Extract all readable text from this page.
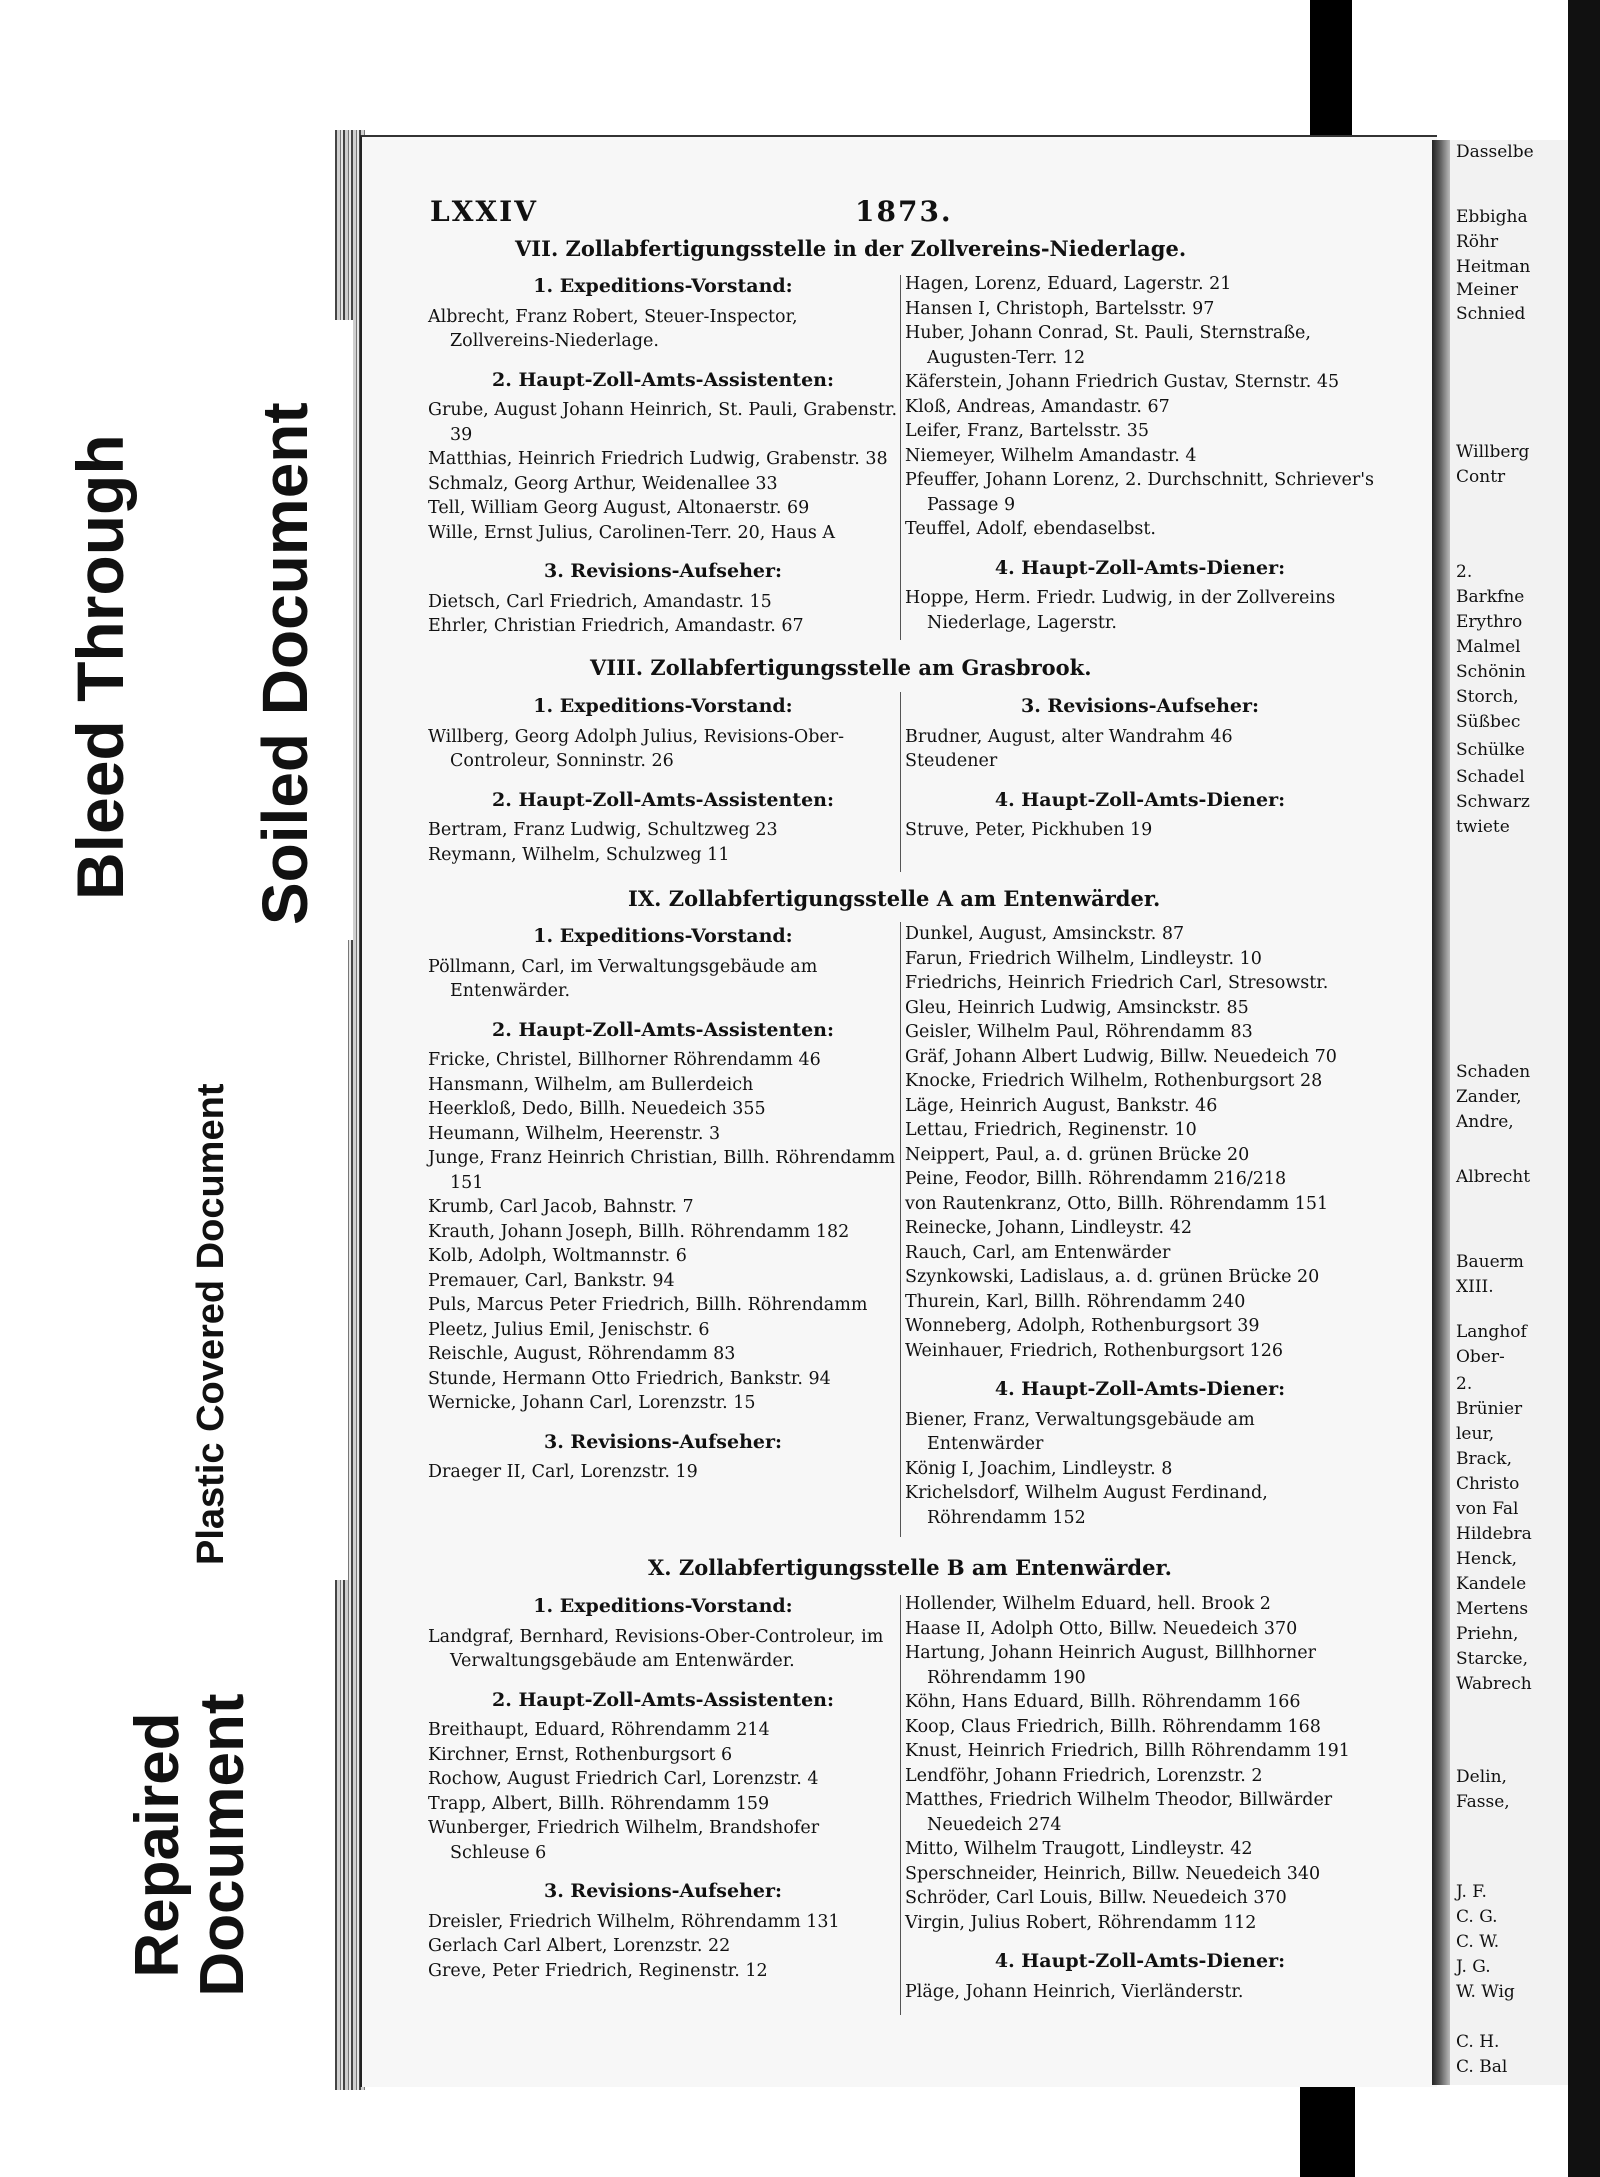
Dasselbe
Ebbigha
Röhr
Heitman
Meiner
Schnied
Willberg
Contr
2.
Barkfne
Erythro
Malmel
Schönin
Storch,
Süßbec
Schülke
Schadel
Schwarz
twiete
Schaden
Zander,
Andre,
Albrecht
Bauerm
XIII.
Langhof
Ober-
2.
Brünier
leur,
Brack,
Christo
von Fal
Hildebra
Henck,
Kandele
Mertens
Priehn,
Starcke,
Wabrech
Delin,
Fasse,
J. F.
C. G.
C. W.
J. G.
W. Wig
C. H.
C. Bal
Bleed Through Soiled Document
Plastic Covered Document
Repaired
Document
LXXIV	1873.
VII. Zollabfertigungsstelle in der Zollvereins-Niederlage.
VIII. Zollabfertigungsstelle am Grasbrook.
IX. Zollabfertigungsstelle A am Entenwärder.
X. Zollabfertigungsstelle B am Entenwärder.
1. Expeditions-Vorstand:
Albrecht, Franz Robert, Steuer-Inspector, Zollvereins-Niederlage.
2. Haupt-Zoll-Amts-Assistenten:
Grube, August Johann Heinrich, St. Pauli, Grabenstr. 39
Matthias, Heinrich Friedrich Ludwig, Grabenstr. 38
Schmalz, Georg Arthur, Weidenallee 33
Tell, William Georg August, Altonaerstr. 69
Wille, Ernst Julius, Carolinen-Terr. 20, Haus A
3. Revisions-Aufseher:
Dietsch, Carl Friedrich, Amandastr. 15
Ehrler, Christian Friedrich, Amandastr. 67
Hagen, Lorenz, Eduard, Lagerstr. 21
Hansen I, Christoph, Bartelsstr. 97
Huber, Johann Conrad, St. Pauli, Sternstraße, Augusten-Terr. 12
Käferstein, Johann Friedrich Gustav, Sternstr. 45
Kloß, Andreas, Amandastr. 67
Leifer, Franz, Bartelsstr. 35
Niemeyer, Wilhelm Amandastr. 4
Pfeuffer, Johann Lorenz, 2. Durchschnitt, Schriever's Passage 9
Teuffel, Adolf, ebendaselbst.
4. Haupt-Zoll-Amts-Diener:
Hoppe, Herm. Friedr. Ludwig, in der Zollvereins Niederlage, Lagerstr.
1. Expeditions-Vorstand:
Willberg, Georg Adolph Julius, Revisions-Ober-Controleur, Sonninstr. 26
2. Haupt-Zoll-Amts-Assistenten:
Bertram, Franz Ludwig, Schultzweg 23
Reymann, Wilhelm, Schulzweg 11
3. Revisions-Aufseher:
Brudner, August, alter Wandrahm 46
Steudener
4. Haupt-Zoll-Amts-Diener:
Struve, Peter, Pickhuben 19
1. Expeditions-Vorstand:
Pöllmann, Carl, im Verwaltungsgebäude am Entenwärder.
2. Haupt-Zoll-Amts-Assistenten:
Fricke, Christel, Billhorner Röhrendamm 46
Hansmann, Wilhelm, am Bullerdeich
Heerkloß, Dedo, Billh. Neuedeich 355
Heumann, Wilhelm, Heerenstr. 3
Junge, Franz Heinrich Christian, Billh. Röhrendamm 151
Krumb, Carl Jacob, Bahnstr. 7
Krauth, Johann Joseph, Billh. Röhrendamm 182
Kolb, Adolph, Woltmannstr. 6
Premauer, Carl, Bankstr. 94
Puls, Marcus Peter Friedrich, Billh. Röhrendamm
Pleetz, Julius Emil, Jenischstr. 6
Reischle, August, Röhrendamm 83
Stunde, Hermann Otto Friedrich, Bankstr. 94
Wernicke, Johann Carl, Lorenzstr. 15
3. Revisions-Aufseher:
Draeger II, Carl, Lorenzstr. 19
Dunkel, August, Amsinckstr. 87
Farun, Friedrich Wilhelm, Lindleystr. 10
Friedrichs, Heinrich Friedrich Carl, Stresowstr.
Gleu, Heinrich Ludwig, Amsinckstr. 85
Geisler, Wilhelm Paul, Röhrendamm 83
Gräf, Johann Albert Ludwig, Billw. Neuedeich 70
Knocke, Friedrich Wilhelm, Rothenburgsort 28
Läge, Heinrich August, Bankstr. 46
Lettau, Friedrich, Reginenstr. 10
Neippert, Paul, a. d. grünen Brücke 20
Peine, Feodor, Billh. Röhrendamm 216/218
von Rautenkranz, Otto, Billh. Röhrendamm 151
Reinecke, Johann, Lindleystr. 42
Rauch, Carl, am Entenwärder
Szynkowski, Ladislaus, a. d. grünen Brücke 20
Thurein, Karl, Billh. Röhrendamm 240
Wonneberg, Adolph, Rothenburgsort 39
Weinhauer, Friedrich, Rothenburgsort 126
4. Haupt-Zoll-Amts-Diener:
Biener, Franz, Verwaltungsgebäude am Entenwärder
König I, Joachim, Lindleystr. 8
Krichelsdorf, Wilhelm August Ferdinand, Röhrendamm 152
1. Expeditions-Vorstand:
Landgraf, Bernhard, Revisions-Ober-Controleur, im Verwaltungsgebäude am Entenwärder.
2. Haupt-Zoll-Amts-Assistenten:
Breithaupt, Eduard, Röhrendamm 214
Kirchner, Ernst, Rothenburgsort 6
Rochow, August Friedrich Carl, Lorenzstr. 4
Trapp, Albert, Billh. Röhrendamm 159
Wunberger, Friedrich Wilhelm, Brandshofer Schleuse 6
3. Revisions-Aufseher:
Dreisler, Friedrich Wilhelm, Röhrendamm 131
Gerlach Carl Albert, Lorenzstr. 22
Greve, Peter Friedrich, Reginenstr. 12
Hollender, Wilhelm Eduard, hell. Brook 2
Haase II, Adolph Otto, Billw. Neuedeich 370
Hartung, Johann Heinrich August, Billhhorner Röhrendamm 190
Köhn, Hans Eduard, Billh. Röhrendamm 166
Koop, Claus Friedrich, Billh. Röhrendamm 168
Knust, Heinrich Friedrich, Billh Röhrendamm 191
Lendföhr, Johann Friedrich, Lorenzstr. 2
Matthes, Friedrich Wilhelm Theodor, Billwärder Neuedeich 274
Mitto, Wilhelm Traugott, Lindleystr. 42
Sperschneider, Heinrich, Billw. Neuedeich 340
Schröder, Carl Louis, Billw. Neuedeich 370
Virgin, Julius Robert, Röhrendamm 112
4. Haupt-Zoll-Amts-Diener:
Pläge, Johann Heinrich, Vierländerstr.
